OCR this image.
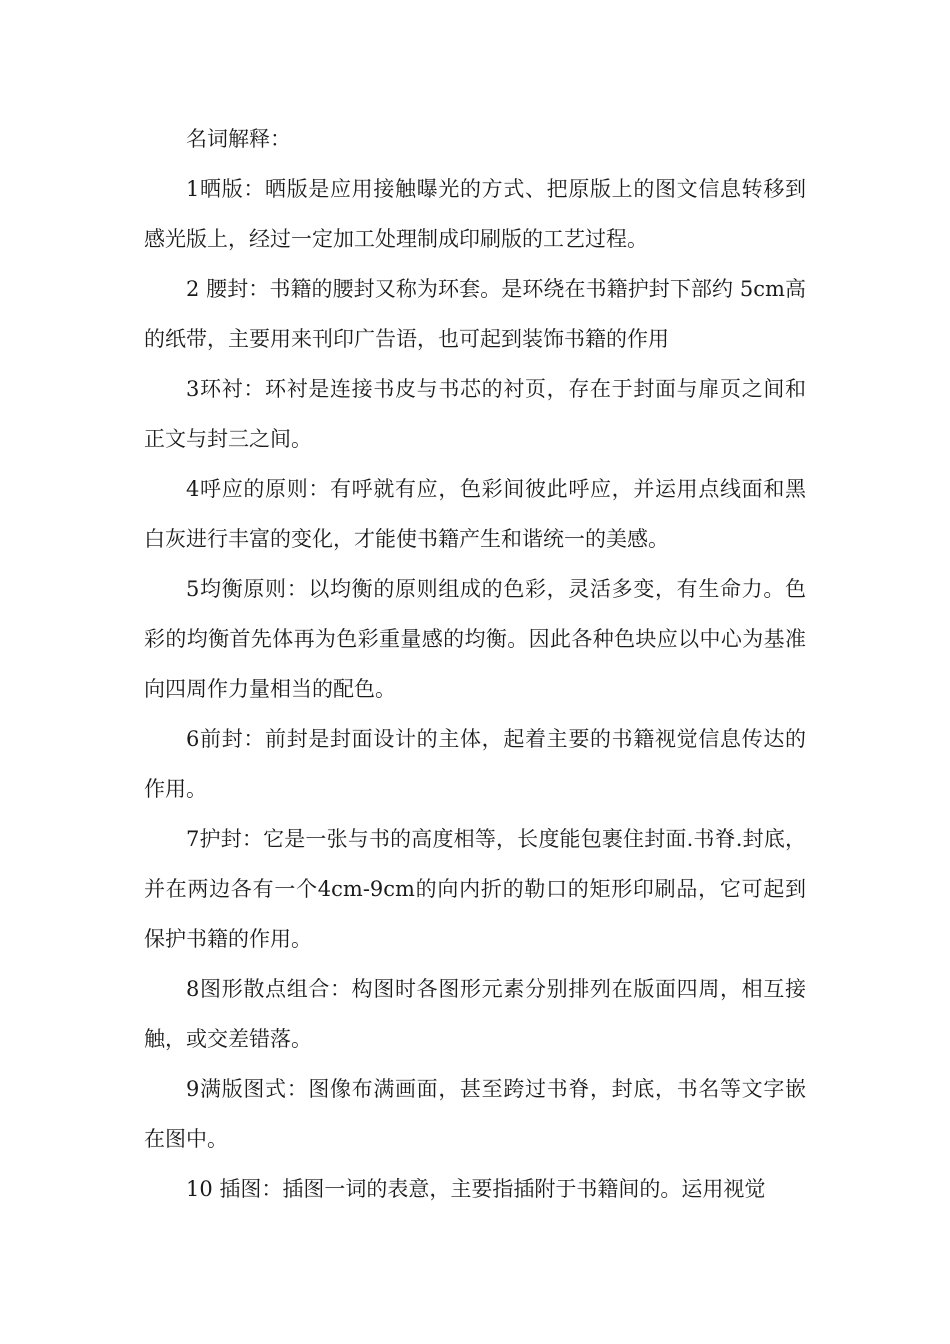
名词解释：

1晒版：晒版是应用接触曝光的方式、把原版上的图文信息转移到感光版上，经过一定加工处理制成印刷版的工艺过程。

2 腰封：书籍的腰封又称为环套。是环绕在书籍护封下部约 5cm高的纸带，主要用来刊印广告语，也可起到装饰书籍的作用

3环衬：环衬是连接书皮与书芯的衬页，存在于封面与扉页之间和正文与封三之间。

4呼应的原则：有呼就有应，色彩间彼此呼应，并运用点线面和黑白灰进行丰富的变化，才能使书籍产生和谐统一的美感。

5均衡原则：以均衡的原则组成的色彩，灵活多变，有生命力。色彩的均衡首先体再为色彩重量感的均衡。因此各种色块应以中心为基准向四周作力量相当的配色。

6前封：前封是封面设计的主体，起着主要的书籍视觉信息传达的作用。

7护封：它是一张与书的高度相等，长度能包裹住封面.书脊.封底，并在两边各有一个4cm-9cm的向内折的勒口的矩形印刷品，它可起到保护书籍的作用。

8图形散点组合：构图时各图形元素分别排列在版面四周，相互接触，或交差错落。

9满版图式：图像布满画面，甚至跨过书脊，封底，书名等文字嵌在图中。

10 插图：插图一词的表意，主要指插附于书籍间的。运用视觉
